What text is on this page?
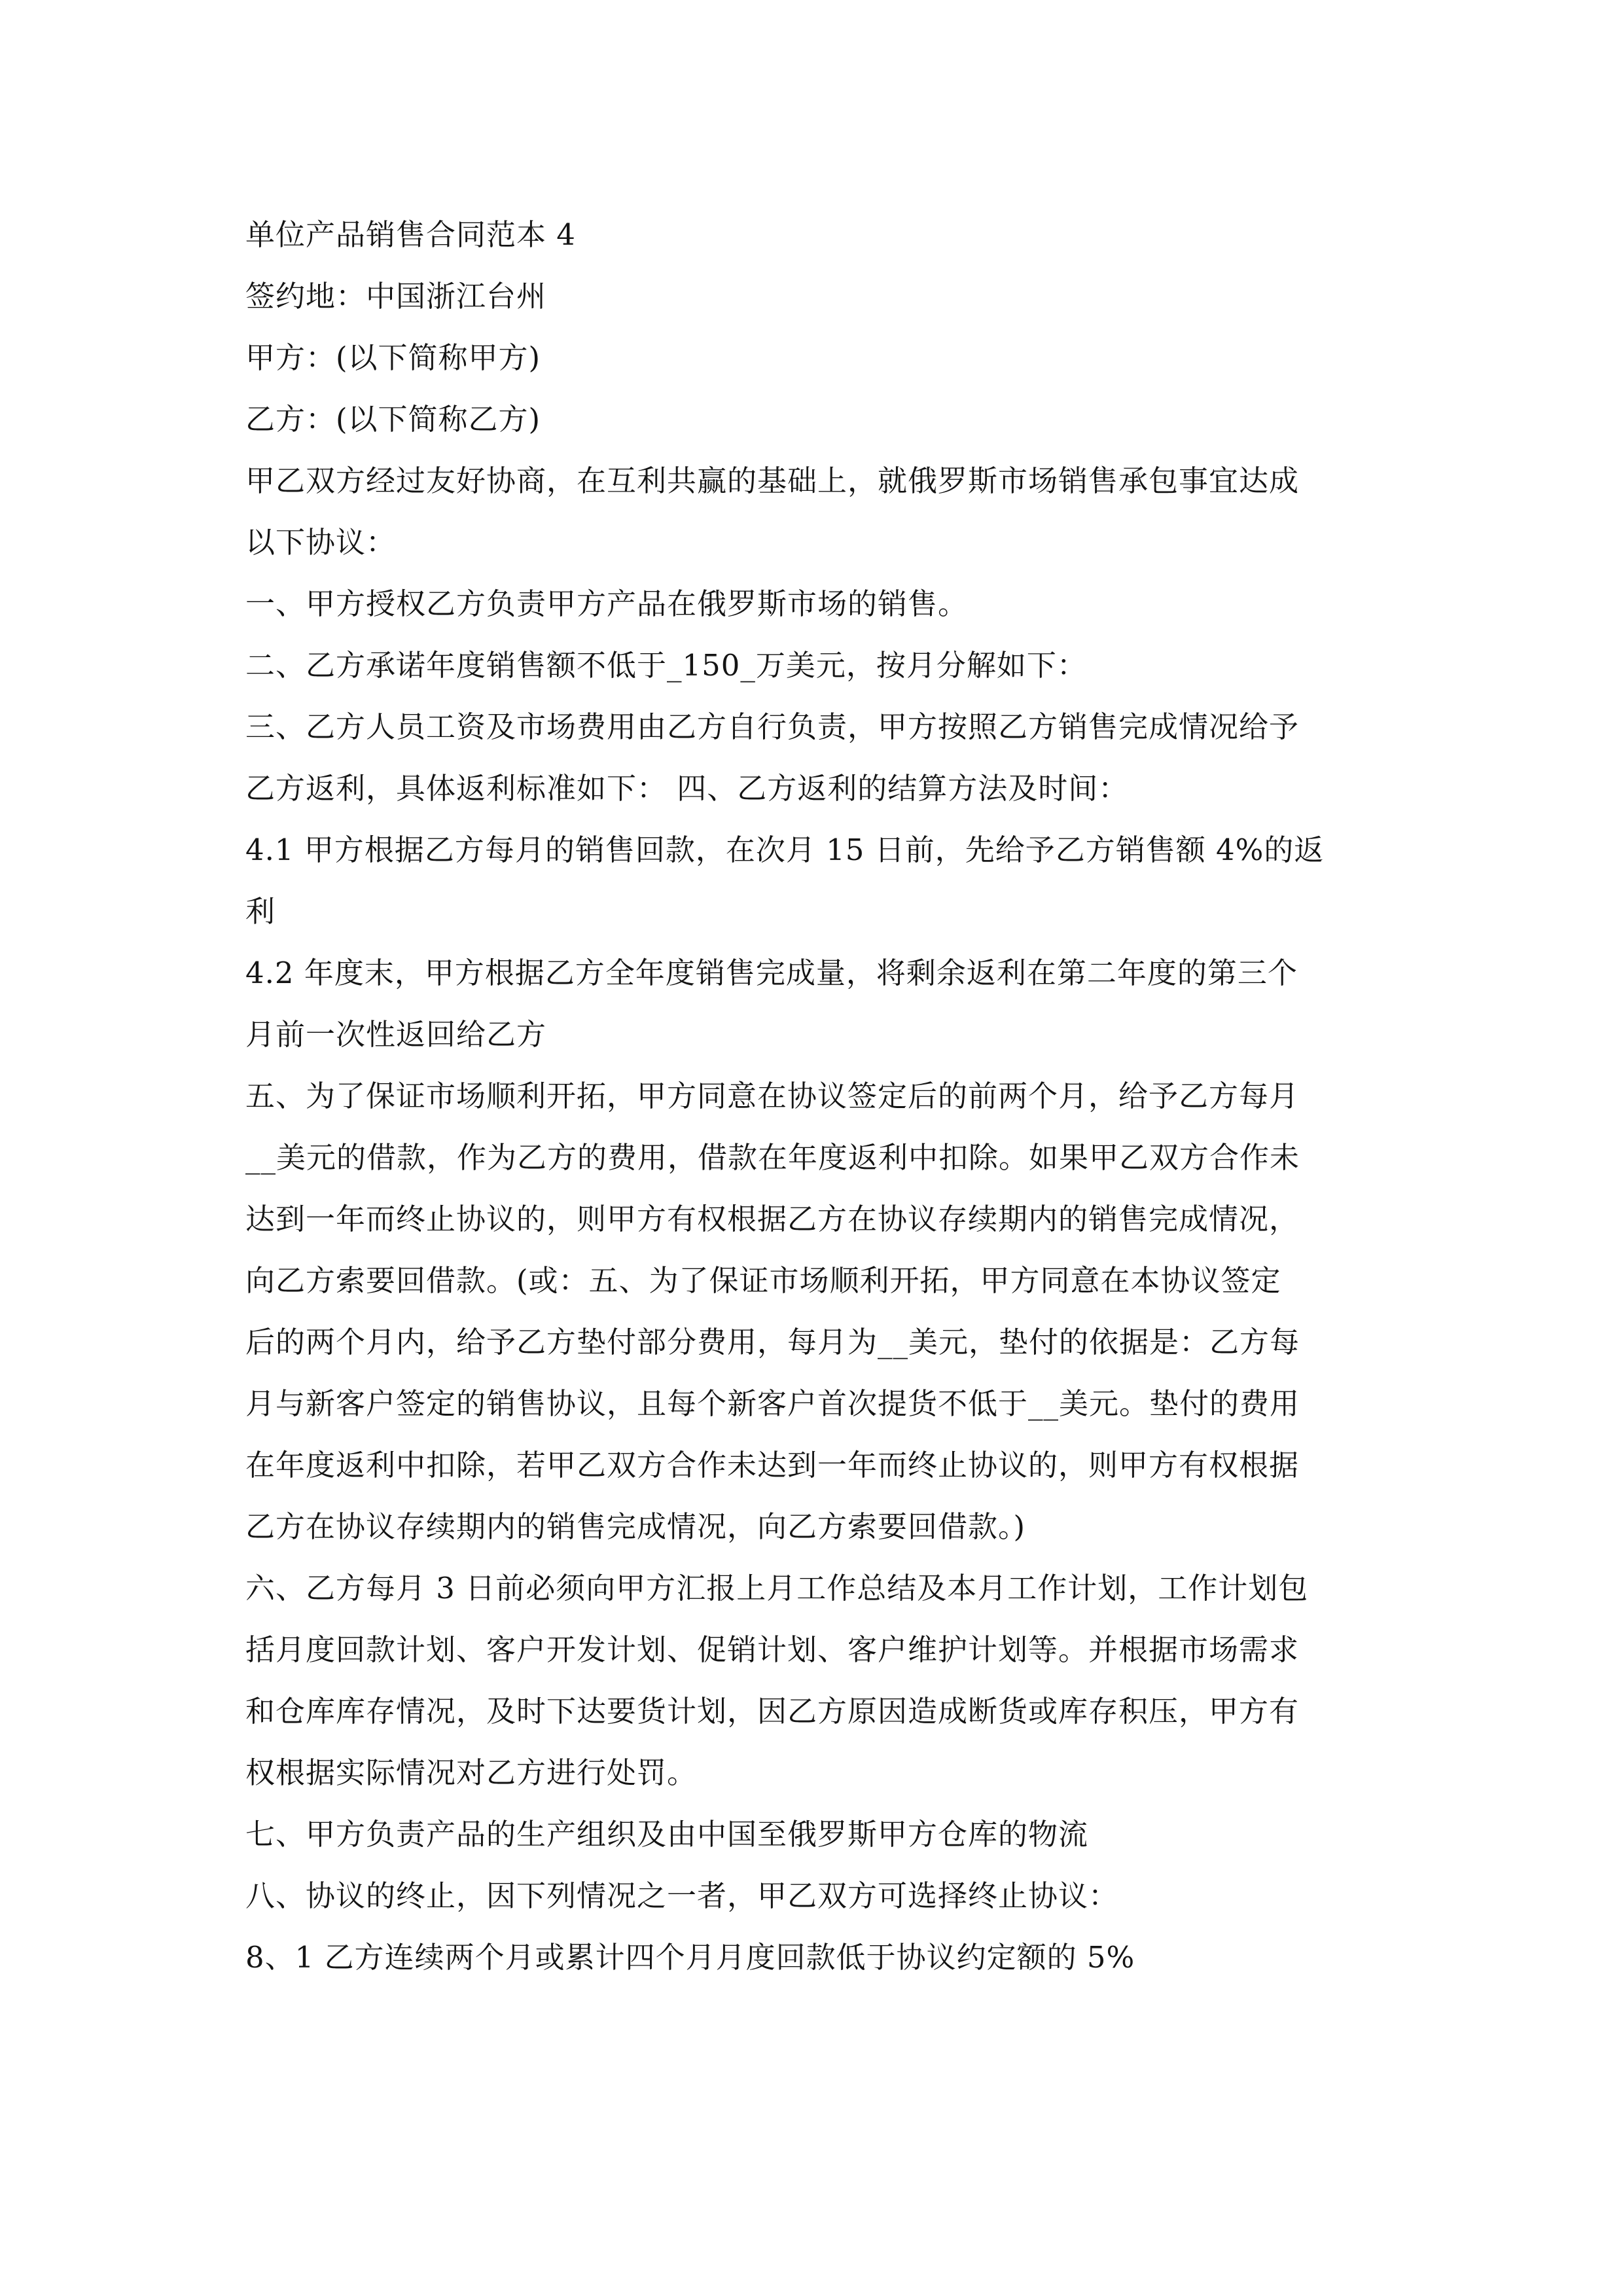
单位产品销售合同范本 4
签约地：中国浙江台州
甲方：(以下简称甲方)
乙方：(以下简称乙方)
甲乙双方经过友好协商，在互利共赢的基础上，就俄罗斯市场销售承包事宜达成
以下协议：
一、甲方授权乙方负责甲方产品在俄罗斯市场的销售。
二、乙方承诺年度销售额不低于_150_万美元，按月分解如下：
三、乙方人员工资及市场费用由乙方自行负责，甲方按照乙方销售完成情况给予
乙方返利，具体返利标准如下： 四、乙方返利的结算方法及时间：
4.1 甲方根据乙方每月的销售回款，在次月 15 日前，先给予乙方销售额 4%的返
利
4.2 年度末，甲方根据乙方全年度销售完成量，将剩余返利在第二年度的第三个
月前一次性返回给乙方
五、为了保证市场顺利开拓，甲方同意在协议签定后的前两个月，给予乙方每月
__美元的借款，作为乙方的费用，借款在年度返利中扣除。如果甲乙双方合作未
达到一年而终止协议的，则甲方有权根据乙方在协议存续期内的销售完成情况，
向乙方索要回借款。(或：五、为了保证市场顺利开拓，甲方同意在本协议签定
后的两个月内，给予乙方垫付部分费用，每月为__美元，垫付的依据是：乙方每
月与新客户签定的销售协议，且每个新客户首次提货不低于__美元。垫付的费用
在年度返利中扣除，若甲乙双方合作未达到一年而终止协议的，则甲方有权根据
乙方在协议存续期内的销售完成情况，向乙方索要回借款。)
六、乙方每月 3 日前必须向甲方汇报上月工作总结及本月工作计划，工作计划包
括月度回款计划、客户开发计划、促销计划、客户维护计划等。并根据市场需求
和仓库库存情况，及时下达要货计划，因乙方原因造成断货或库存积压，甲方有
权根据实际情况对乙方进行处罚。
七、甲方负责产品的生产组织及由中国至俄罗斯甲方仓库的物流
八、协议的终止，因下列情况之一者，甲乙双方可选择终止协议：
8、1 乙方连续两个月或累计四个月月度回款低于协议约定额的 5%
